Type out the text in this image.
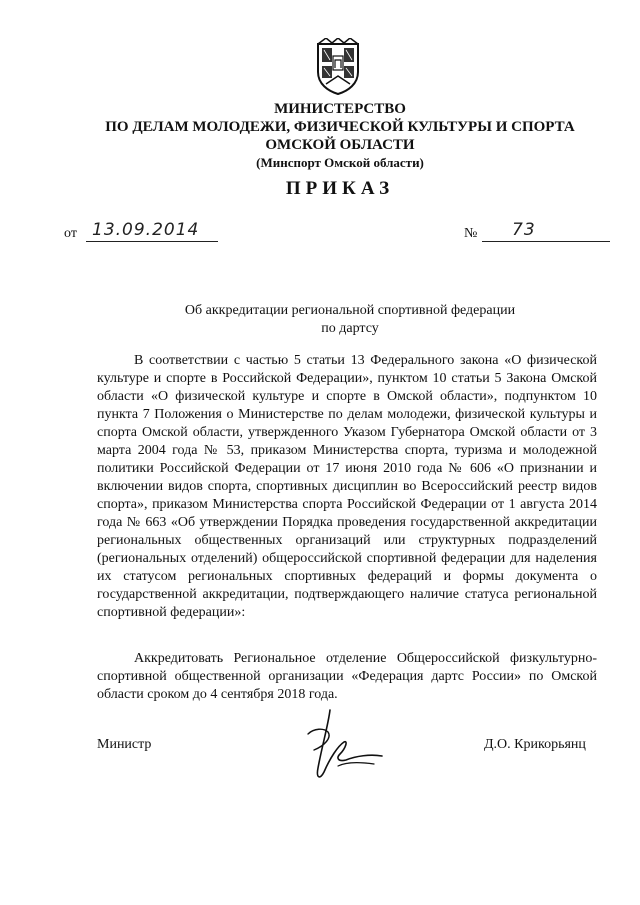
МИНИСТЕРСТВО
ПО ДЕЛАМ МОЛОДЕЖИ, ФИЗИЧЕСКОЙ КУЛЬТУРЫ И СПОРТА
ОМСКОЙ ОБЛАСТИ
(Минспорт Омской области)
ПРИКАЗ
от 13.09.2014	№ 73
Об аккредитации региональной спортивной федерации
по дартсу

В соответствии с частью 5 статьи 13 Федерального закона «О физической культуре и спорте в Российской Федерации», пунктом 10 статьи 5 Закона Омской области «О физической культуре и спорте в Омской области», подпунктом 10 пункта 7 Положения о Министерстве по делам молодежи, физической культуры и спорта Омской области, утвержденного Указом Губернатора Омской области от 3 марта 2004 года № 53, приказом Министерства спорта, туризма и молодежной политики Российской Федерации от 17 июня 2010 года № 606 «О признании и включении видов спорта, спортивных дисциплин во Всероссийский реестр видов спорта», приказом Министерства спорта Российской Федерации от 1 августа 2014 года № 663 «Об утверждении Порядка проведения государственной аккредитации региональных общественных организаций или структурных подразделений (региональных отделений) общероссийской спортивной федерации для наделения их статусом региональных спортивных федераций и формы документа о государственной аккредитации, подтверждающего наличие статуса региональной спортивной федерации»:

Аккредитовать Региональное отделение Общероссийской физкультурно-спортивной общественной организации «Федерация дартс России» по Омской области сроком до 4 сентября 2018 года.

Министр	Д.О. Крикорьянц
